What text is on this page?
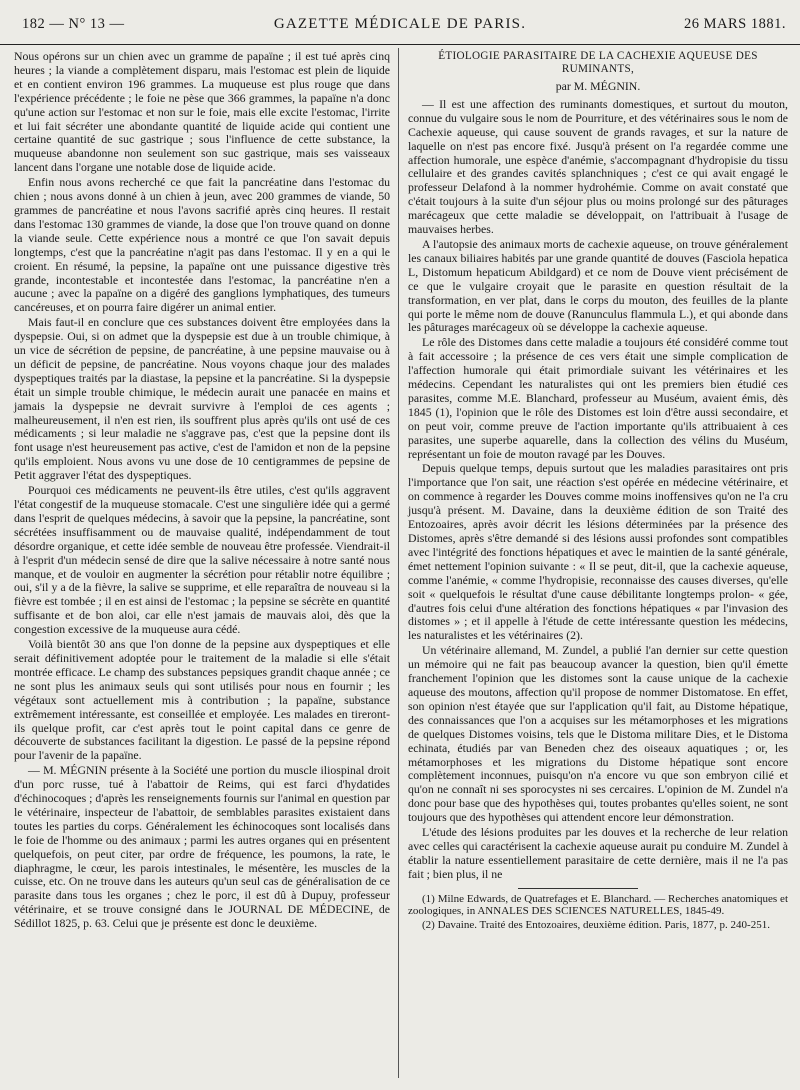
182 — N° 13 —	GAZETTE MÉDICALE DE PARIS.	26 MARS 1881.

Nous opérons sur un chien avec un gramme de papaïne ; il est tué après cinq heures ; la viande a complètement disparu, mais l'estomac est plein de liquide et en contient environ 196 grammes. La muqueuse est plus rouge que dans l'expérience précédente ; le foie ne pèse que 366 grammes, la papaïne n'a donc qu'une action sur l'estomac et non sur le foie, mais elle excite l'estomac, l'irrite et lui fait sécréter une abondante quantité de liquide acide qui contient une certaine quantité de suc gastrique ; sous l'influence de cette substance, la muqueuse abandonne non seulement son suc gastrique, mais ses vaisseaux lancent dans l'organe une notable dose de liquide acide.

Enfin nous avons recherché ce que fait la pancréatine dans l'estomac du chien ; nous avons donné à un chien à jeun, avec 200 grammes de viande, 50 grammes de pancréatine et nous l'avons sacrifié après cinq heures. Il restait dans l'estomac 130 grammes de viande, la dose que l'on trouve quand on donne la viande seule. Cette expérience nous a montré ce que l'on savait depuis longtemps, c'est que la pancréatine n'agit pas dans l'estomac. Il y en a qui le croient. En résumé, la pepsine, la papaïne ont une puissance digestive très grande, incontestable et incontestée dans l'estomac, la pancréatine n'en a aucune ; avec la papaïne on a digéré des ganglions lymphatiques, des tumeurs cancéreuses, et on pourra faire digérer un animal entier.

Mais faut-il en conclure que ces substances doivent être employées dans la dyspepsie. Oui, si on admet que la dyspepsie est due à un trouble chimique, à un vice de sécrétion de pepsine, de pancréatine, à une pepsine mauvaise ou à un déficit de pepsine, de pancréatine. Nous voyons chaque jour des malades dyspeptiques traités par la diastase, la pepsine et la pancréatine. Si la dyspepsie était un simple trouble chimique, le médecin aurait une panacée en mains et jamais la dyspepsie ne devrait survivre à l'emploi de ces agents ; malheureusement, il n'en est rien, ils souffrent plus après qu'ils ont usé de ces médicaments ; si leur maladie ne s'aggrave pas, c'est que la pepsine dont ils font usage n'est heureusement pas active, c'est de l'amidon et non de la pepsine qu'ils emploient. Nous avons vu une dose de 10 centigrammes de pepsine de Petit aggraver l'état des dyspeptiques.

Pourquoi ces médicaments ne peuvent-ils être utiles, c'est qu'ils aggravent l'état congestif de la muqueuse stomacale. C'est une singulière idée qui a germé dans l'esprit de quelques médecins, à savoir que la pepsine, la pancréatine, sont sécrétées insuffisamment ou de mauvaise qualité, indépendamment de tout désordre organique, et cette idée semble de nouveau être professée. Viendrait-il à l'esprit d'un médecin sensé de dire que la salive nécessaire à notre santé nous manque, et de vouloir en augmenter la sécrétion pour rétablir notre équilibre ; oui, s'il y a de la fièvre, la salive se supprime, et elle reparaîtra de nouveau si la fièvre est tombée ; il en est ainsi de l'estomac ; la pepsine se sécrète en quantité suffisante et de bon aloi, car elle n'est jamais de mauvais aloi, dès que la congestion excessive de la muqueuse aura cédé.

Voilà bientôt 30 ans que l'on donne de la pepsine aux dyspeptiques et elle serait définitivement adoptée pour le traitement de la maladie si elle s'était montrée efficace. Le champ des substances pepsiques grandit chaque année ; ce ne sont plus les animaux seuls qui sont utilisés pour nous en fournir ; les végétaux sont actuellement mis à contribution ; la papaïne, substance extrêmement intéressante, est conseillée et employée. Les malades en tireront-ils quelque profit, car c'est après tout le point capital dans ce genre de découverte de substances facilitant la digestion. Le passé de la pepsine répond pour l'avenir de la papaïne.

— M. MÉGNIN présente à la Société une portion du muscle iliospinal droit d'un porc russe, tué à l'abattoir de Reims, qui est farci d'hydatides d'échinocoques ; d'après les renseignements fournis sur l'animal en question par le vétérinaire, inspecteur de l'abattoir, de semblables parasites existaient dans toutes les parties du corps. Généralement les échinocoques sont localisés dans le foie de l'homme ou des animaux ; parmi les autres organes qui en présentent quelquefois, on peut citer, par ordre de fréquence, les poumons, la rate, le diaphragme, le cœur, les parois intestinales, le mésentère, les muscles de la cuisse, etc. On ne trouve dans les auteurs qu'un seul cas de généralisation de ce parasite dans tous les organes ; chez le porc, il est dû à Dupuy, professeur vétérinaire, et se trouve consigné dans le JOURNAL DE MÉDECINE, de Sédillot 1825, p. 63. Celui que je présente est donc le deuxième.

ÉTIOLOGIE PARASITAIRE DE LA CACHEXIE AQUEUSE DES RUMINANTS,
par M. MÉGNIN.

— Il est une affection des ruminants domestiques, et surtout du mouton, connue du vulgaire sous le nom de Pourriture, et des vétérinaires sous le nom de Cachexie aqueuse, qui cause souvent de grands ravages, et sur la nature de laquelle on n'est pas encore fixé. Jusqu'à présent on l'a regardée comme une affection humorale, une espèce d'anémie, s'accompagnant d'hydropisie du tissu cellulaire et des grandes cavités splanchniques ; c'est ce qui avait engagé le professeur Delafond à la nommer hydrohémie. Comme on avait constaté que c'était toujours à la suite d'un séjour plus ou moins prolongé sur des pâturages marécageux que cette maladie se développait, on l'attribuait à l'usage de mauvaises herbes.

A l'autopsie des animaux morts de cachexie aqueuse, on trouve généralement les canaux biliaires habités par une grande quantité de douves (Fasciola hepatica L, Distomum hepaticum Abildgard) et ce nom de Douve vient précisément de ce que le vulgaire croyait que le parasite en question résultait de la transformation, en ver plat, dans le corps du mouton, des feuilles de la plante qui porte le même nom de douve (Ranunculus flammula L.), et qui abonde dans les pâturages marécageux où se développe la cachexie aqueuse.

Le rôle des Distomes dans cette maladie a toujours été considéré comme tout à fait accessoire ; la présence de ces vers était une simple complication de l'affection humorale qui était primordiale suivant les vétérinaires et les médecins. Cependant les naturalistes qui ont les premiers bien étudié ces parasites, comme M.E. Blanchard, professeur au Muséum, avaient émis, dès 1845 (1), l'opinion que le rôle des Distomes est loin d'être aussi secondaire, et on peut voir, comme preuve de l'action importante qu'ils attribuaient à ces parasites, une superbe aquarelle, dans la collection des vélins du Muséum, représentant un foie de mouton ravagé par les Douves.

Depuis quelque temps, depuis surtout que les maladies parasitaires ont pris l'importance que l'on sait, une réaction s'est opérée en médecine vétérinaire, et on commence à regarder les Douves comme moins inoffensives qu'on ne l'a cru jusqu'à présent. M. Davaine, dans la deuxième édition de son Traité des Entozoaires, après avoir décrit les lésions déterminées par la présence des Distomes, après s'être demandé si des lésions aussi profondes sont compatibles avec l'intégrité des fonctions hépatiques et avec le maintien de la santé générale, émet nettement l'opinion suivante : « Il se peut, dit-il, que la cachexie aqueuse, comme l'anémie, « comme l'hydropisie, reconnaisse des causes diverses, qu'elle soit « quelquefois le résultat d'une cause débilitante longtemps prolon- « gée, d'autres fois celui d'une altération des fonctions hépatiques « par l'invasion des distomes » ; et il appelle à l'étude de cette intéressante question les médecins, les naturalistes et les vétérinaires (2).

Un vétérinaire allemand, M. Zundel, a publié l'an dernier sur cette question un mémoire qui ne fait pas beaucoup avancer la question, bien qu'il émette franchement l'opinion que les distomes sont la cause unique de la cachexie aqueuse des moutons, affection qu'il propose de nommer Distomatose. En effet, son opinion n'est étayée que sur l'application qu'il fait, au Distome hépatique, des connaissances que l'on a acquises sur les métamorphoses et les migrations de quelques Distomes voisins, tels que le Distoma militare Dies, et le Distoma echinata, étudiés par van Beneden chez des oiseaux aquatiques ; or, les métamorphoses et les migrations du Distome hépatique sont encore complètement inconnues, puisqu'on n'a encore vu que son embryon cilié et qu'on ne connaît ni ses sporocystes ni ses cercaires. L'opinion de M. Zundel n'a donc pour base que des hypothèses qui, toutes probantes qu'elles soient, ne sont toujours que des hypothèses qui attendent encore leur démonstration.

L'étude des lésions produites par les douves et la recherche de leur relation avec celles qui caractérisent la cachexie aqueuse aurait pu conduire M. Zundel à établir la nature essentiellement parasitaire de cette dernière, mais il ne l'a pas fait ; bien plus, il ne

(1) Milne Edwards, de Quatrefages et E. Blanchard. — Recherches anatomiques et zoologiques, in ANNALES DES SCIENCES NATURELLES, 1845-49.

(2) Davaine. Traité des Entozoaires, deuxième édition. Paris, 1877, p. 240-251.
